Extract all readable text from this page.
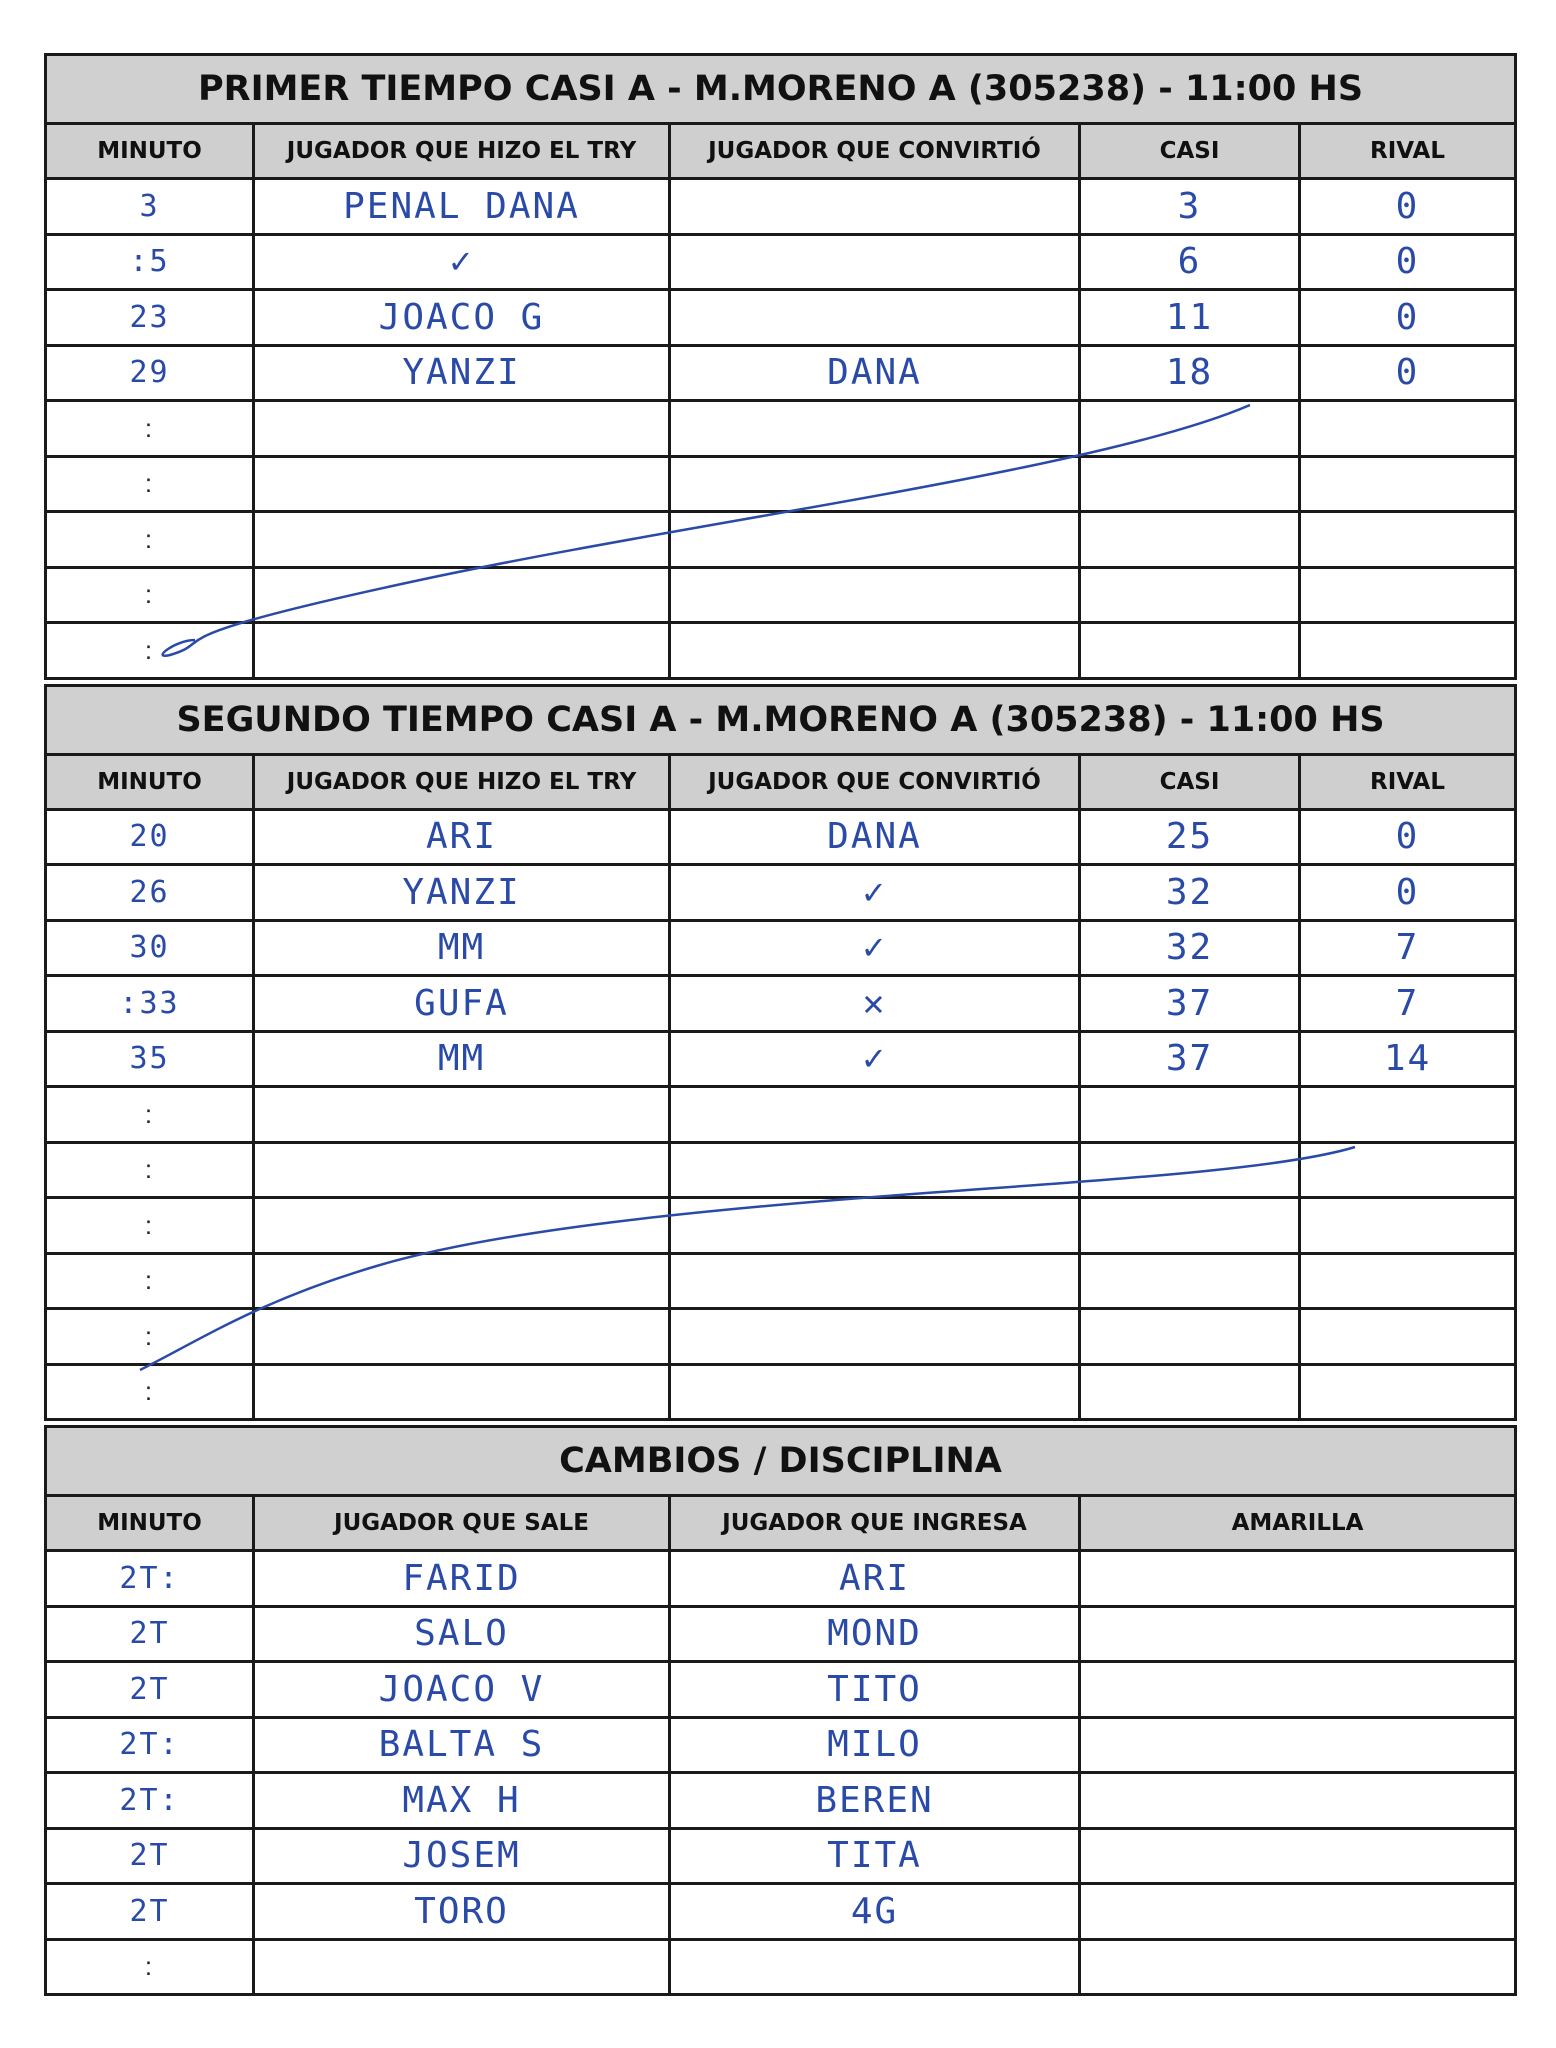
PRIMER TIEMPO CASI A - M.MORENO A (305238) - 11:00 HS				
MINUTO	JUGADOR QUE HIZO EL TRY	JUGADOR QUE CONVIRTIÓ	CASI	RIVAL
3	PENAL DANA		3	0
:5	✓		6	0
23	JOACO G		11	0
29	YANZI	DANA	18	0
:				
:				
:				
:				
:				
SEGUNDO TIEMPO CASI A - M.MORENO A (305238) - 11:00 HS				
MINUTO	JUGADOR QUE HIZO EL TRY	JUGADOR QUE CONVIRTIÓ	CASI	RIVAL
20	ARI	DANA	25	0
26	YANZI	✓	32	0
30	MM	✓	32	7
:33	GUFA	✕	37	7
35	MM	✓	37	14
:				
:				
:				
:				
:				
:				
CAMBIOS / DISCIPLINA			
MINUTO	JUGADOR QUE SALE	JUGADOR QUE INGRESA	AMARILLA
2T:	FARID	ARI	
2T	SALO	MOND	
2T	JOACO V	TITO	
2T:	BALTA S	MILO	
2T:	MAX H	BEREN	
2T	JOSEM	TITA	
2T	TORO	4G	
:			
